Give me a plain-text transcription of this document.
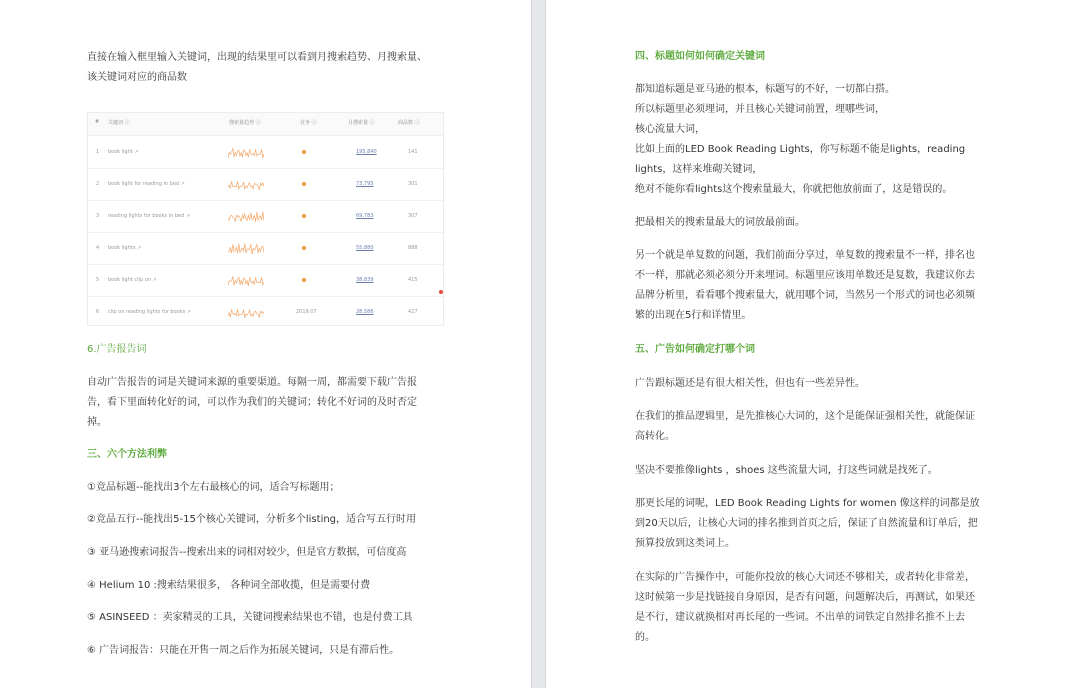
直接在输入框里输入关键词，出现的结果里可以看到月搜索趋势、月搜索量、
该关键词对应的商品数
# 关键词 ⓘ	搜索量趋势 ⓘ	竞争 ⓘ	月搜索量 ⓘ	商品数 ⓘ
1 book light ↗	195,840	141
2 book light for reading in bed ↗	73,795	301
3 reading lights for books in bed ↗	69,783	307
4 book lights ↗	55,880	888
5 book light clip on ↗	38,839	415
6 clip on reading lights for books ↗	2019.07	28,586	427
6.广告报告词
自动广告报告的词是关键词来源的重要渠道。每隔一周，都需要下载广告报
告，看下里面转化好的词，可以作为我们的关键词；转化不好词的及时否定
掉。
三、六个方法利弊
①竞品标题--能找出3个左右最核心的词，适合写标题用；
②竞品五行--能找出5-15个核心关键词，分析多个listing，适合写五行时用
③ 亚马逊搜索词报告--搜索出来的词相对较少，但是官方数据，可信度高
④ Helium 10 :搜索结果很多， 各种词全部收揽，但是需要付费
⑤ ASINSEED ：卖家精灵的工具，关键词搜索结果也不错，也是付费工具
⑥ 广告词报告：只能在开售一周之后作为拓展关键词，只是有滞后性。
四、标题如何如何确定关键词
都知道标题是亚马逊的根本，标题写的不好，一切都白搭。
所以标题里必须埋词，并且核心关键词前置，埋哪些词，
核心流量大词，
比如上面的LED Book Reading Lights，你写标题不能是lights，reading
lights，这样来堆砌关键词，
绝对不能你看lights这个搜索量最大，你就把他放前面了，这是错误的。
把最相关的搜索量最大的词放最前面。
另一个就是单复数的问题，我们前面分享过，单复数的搜索量不一样，排名也
不一样，那就必须必须分开来埋词。标题里应该用单数还是复数，我建议你去
品牌分析里，看看哪个搜索量大，就用哪个词，当然另一个形式的词也必须频
繁的出现在5行和详情里。
五、广告如何确定打哪个词
广告跟标题还是有很大相关性，但也有一些差异性。
在我们的推品逻辑里，是先推核心大词的，这个是能保证强相关性，就能保证
高转化。
坚决不要推像lights ，shoes 这些流量大词，打这些词就是找死了。
那更长尾的词呢，LED Book Reading Lights for women 像这样的词都是放
到20天以后，让核心大词的排名推到首页之后，保证了自然流量和订单后，把
预算投放到这类词上。
在实际的广告操作中，可能你投放的核心大词还不够相关，或者转化非常差，
这时候第一步是找链接自身原因，是否有问题，问题解决后，再测试，如果还
是不行，建议就换相对再长尾的一些词。不出单的词铁定自然排名推不上去
的。
